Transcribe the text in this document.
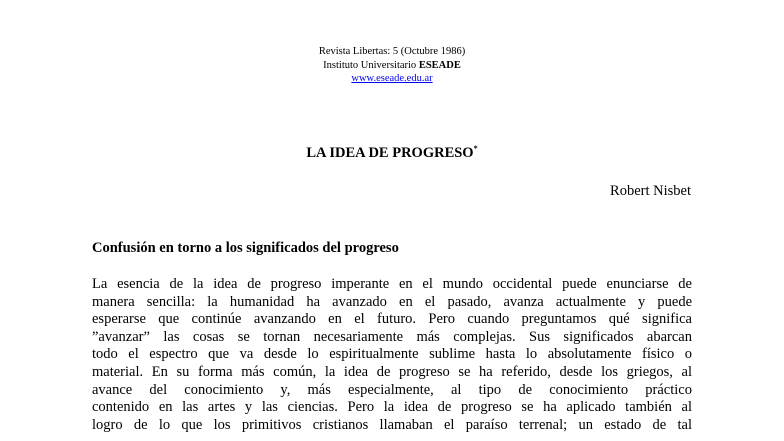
Revista Libertas: 5 (Octubre 1986)
Instituto Universitario ESEADE
www.eseade.edu.ar
LA IDEA DE PROGRESO*
Robert Nisbet
Confusión en torno a los significados del progreso
La esencia de la idea de progreso imperante en el mundo occidental puede enunciarse de
manera sencilla: la humanidad ha avanzado en el pasado, avanza actualmente y puede
esperarse que continúe avanzando en el futuro. Pero cuando preguntamos qué significa
”avanzar” las cosas se tornan necesariamente más complejas. Sus significados abarcan
todo el espectro que va desde lo espiritualmente sublime hasta lo absolutamente físico o
material. En su forma más común, la idea de progreso se ha referido, desde los griegos, al
avance del conocimiento y, más especialmente, al tipo de conocimiento práctico
contenido en las artes y las ciencias. Pero la idea de progreso se ha aplicado también al
logro de lo que los primitivos cristianos llamaban el paraíso terrenal; un estado de tal
